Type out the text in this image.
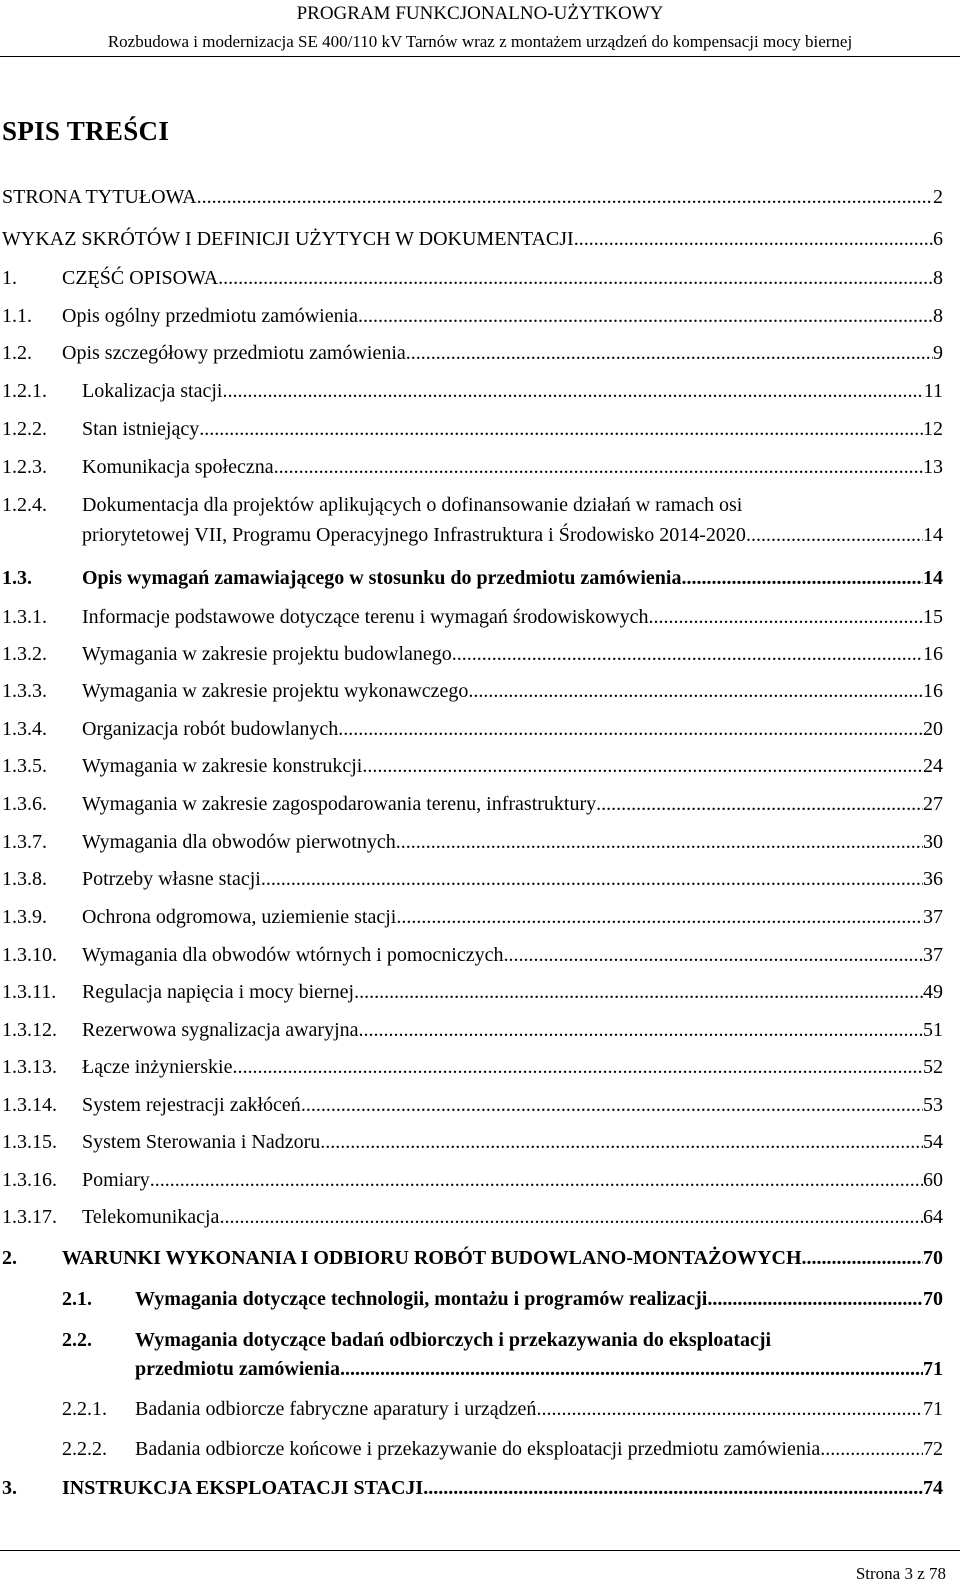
PROGRAM FUNKCJONALNO-UŻYTKOWY
Rozbudowa i modernizacja SE 400/110 kV Tarnów wraz z montażem urządzeń do kompensacji mocy biernej
SPIS TREŚCI
STRONA TYTUŁOWA .....	2
WYKAZ SKRÓTÓW I DEFINICJI UŻYTYCH W DOKUMENTACJI .....	6
1. CZĘŚĆ OPISOWA .....	8
1.1. Opis ogólny przedmiotu zamówienia .....	8
1.2. Opis szczegółowy przedmiotu zamówienia .....	9
1.2.1. Lokalizacja stacji .....	11
1.2.2. Stan istniejący .....	12
1.2.3. Komunikacja społeczna .....	13
1.2.4. Dokumentacja dla projektów aplikujących o dofinansowanie działań w ramach osi
priorytetowej VII, Programu Operacyjnego Infrastruktura i Środowisko 2014-2020 .....	14
1.3.	Opis wymagań zamawiającego w stosunku do przedmiotu zamówienia .....	14
1.3.1. Informacje podstawowe dotyczące terenu i wymagań środowiskowych .....	15
1.3.2. Wymagania w zakresie projektu budowlanego .....	16
1.3.3. Wymagania w zakresie projektu wykonawczego .....	16
1.3.4. Organizacja robót budowlanych .....	20
1.3.5. Wymagania w zakresie konstrukcji .....	24
1.3.6. Wymagania w zakresie zagospodarowania terenu, infrastruktury .....	27
1.3.7. Wymagania dla obwodów pierwotnych .....	30
1.3.8. Potrzeby własne stacji .....	36
1.3.9. Ochrona odgromowa, uziemienie stacji .....	37
1.3.10. Wymagania dla obwodów wtórnych i pomocniczych .....	37
1.3.11. Regulacja napięcia i mocy biernej .....	49
1.3.12. Rezerwowa sygnalizacja awaryjna .....	51
1.3.13. Łącze inżynierskie .....	52
1.3.14. System rejestracji zakłóceń .....	53
1.3.15. System Sterowania i Nadzoru .....	54
1.3.16. Pomiary .....	60
1.3.17. Telekomunikacja .....	64
2. WARUNKI WYKONANIA I ODBIORU ROBÓT BUDOWLANO-MONTAŻOWYCH .....	70
2.1. Wymagania dotyczące technologii, montażu i programów realizacji .....	70
2.2. Wymagania dotyczące badań odbiorczych i przekazywania do eksploatacji
przedmiotu zamówienia .....	71
2.2.1. Badania odbiorcze fabryczne aparatury i urządzeń .....	71
2.2.2. Badania odbiorcze końcowe i przekazywanie do eksploatacji przedmiotu zamówienia .....	72
3. INSTRUKCJA EKSPLOATACJI STACJI .....	74
Strona 3 z 78
